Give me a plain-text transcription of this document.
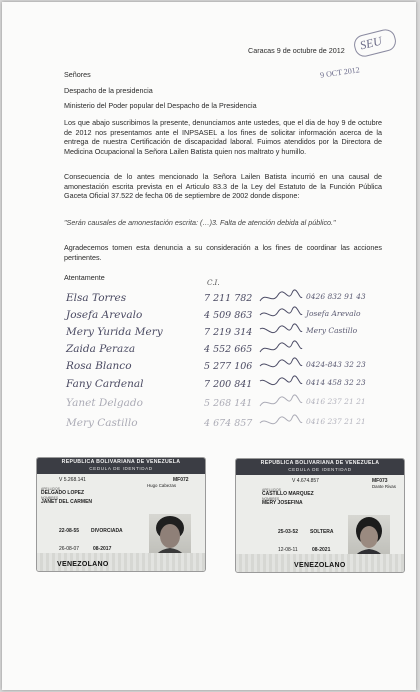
Caracas 9 de octubre de 2012 SEU
9 OCT 2012
Señores
Despacho de la presidencia
Ministerio del Poder popular del Despacho de la Presidencia
Los que abajo suscribimos la presente, denunciamos ante ustedes, que el dia de hoy 9 de octubre de 2012 nos presentamos ante el INPSASEL a los fines de solicitar información acerca de la entrega de nuestra Certificación de discapacidad laboral. Fuimos atendidos por la Directora de Medicina Ocupacional la Señora Lailen Batista quien nos maltrato y humillo.
Consecuencia de lo antes mencionado la Señora Lailen Batista incurrió en una causal de amonestación escrita prevista en el Articulo 83.3 de la Ley del Estatuto de la Función Pública Gaceta Oficial 37.522 de fecha 06 de septiembre de 2002 donde dispone:
"Serán causales de amonestación escrita: (…)3. Falta de atención debida al público."
Agradecemos tomen esta denuncia a su consideración a los fines de coordinar las acciones pertinentes.
Atentamente
C.I.
Elsa Torres	7 211 782	0426 832 91 43
Josefa Arevalo	4 509 863	Josefa Arevalo
Mery Yurida Mery	7 219 314	Mery Castillo
Zaida Peraza	4 552 665
Rosa Blanco	5 277 106	0424-843 32 23
Fany Cardenal	7 200 841	0414 458 32 23
Yanet Delgado	5 268 141	0416 237 21 21
Mery Castillo	4 674 857	0416 237 21 21
REPUBLICA BOLIVARIANA DE VENEZUELA
CEDULA DE IDENTIDAD
V 5.268.141	MF072
Hugo Cabezas
APELLIDOS
DELGADO LOPEZ
NOMBRES
JANET DEL CARMEN
22-08-55 DIVORCIADA
26-08-07	08-2017
VENEZOLANO
REPUBLICA BOLIVARIANA DE VENEZUELA
CEDULA DE IDENTIDAD
V 4.674.857	MF073
Dante Rivas
APELLIDOS
CASTILLO MARQUEZ
NOMBRES
MERY JOSEFINA
25-03-52 SOLTERA
12-08-11	08-2021
VENEZOLANO
